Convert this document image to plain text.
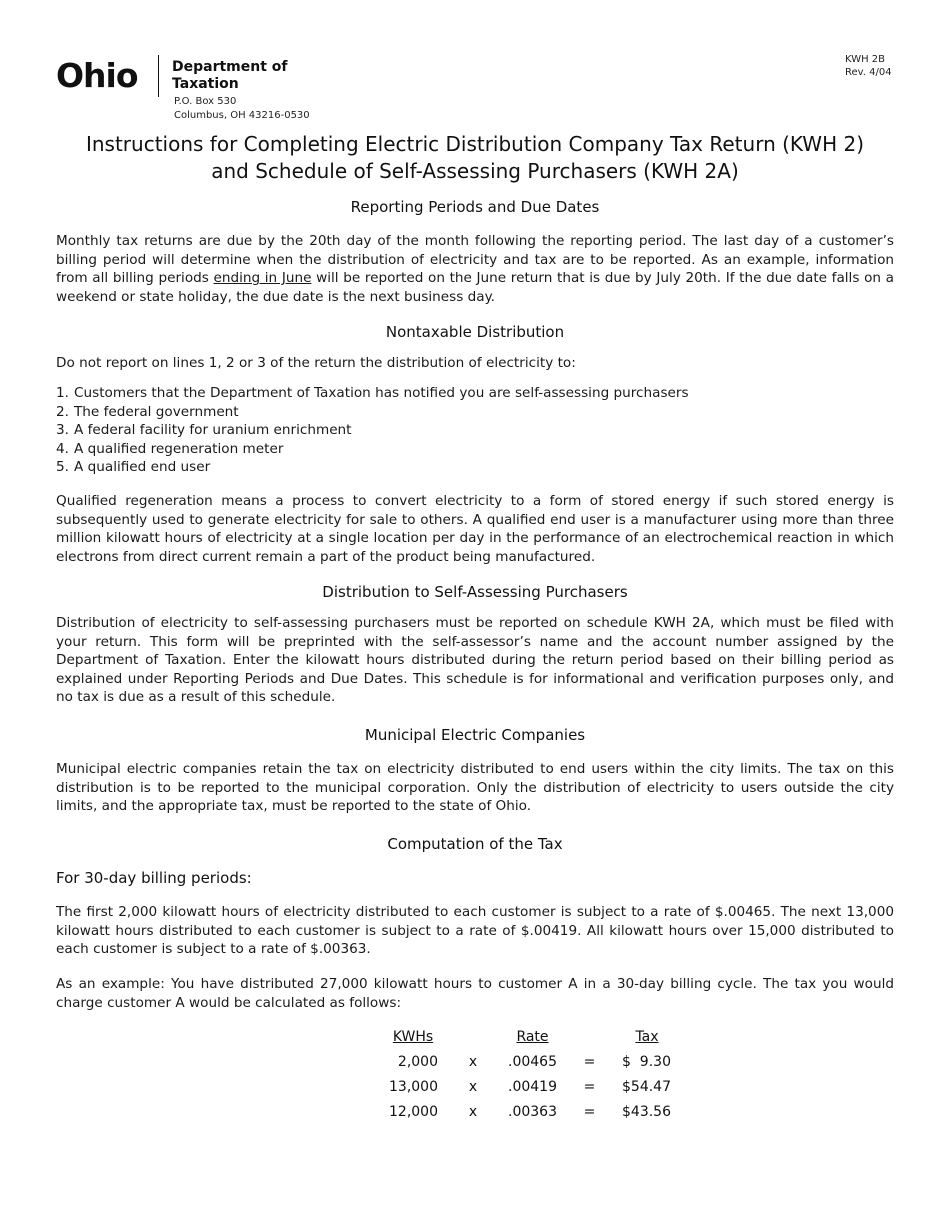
Ohio Department of
Taxation
P.O. Box 530
Columbus, OH 43216-0530
KWH 2B
Rev. 4/04
Instructions for Completing Electric Distribution Company Tax Return (KWH 2)
and Schedule of Self-Assessing Purchasers (KWH 2A)
Reporting Periods and Due Dates

Monthly tax returns are due by the 20th day of the month following the reporting period. The last day of a customer’s billing period will determine when the distribution of electricity and tax are to be reported. As an example, information from all billing periods ending in June will be reported on the June return that is due by July 20th. If the due date falls on a weekend or state holiday, the due date is the next business day.

Nontaxable Distribution

Do not report on lines 1, 2 or 3 of the return the distribution of electricity to:

1. Customers that the Department of Taxation has notified you are self-assessing purchasers
2. The federal government
3. A federal facility for uranium enrichment
4. A qualified regeneration meter
5. A qualified end user

Qualified regeneration means a process to convert electricity to a form of stored energy if such stored energy is subsequently used to generate electricity for sale to others. A qualified end user is a manufacturer using more than three million kilowatt hours of electricity at a single location per day in the performance of an electrochemical reaction in which electrons from direct current remain a part of the product being manufactured.

Distribution to Self-Assessing Purchasers

Distribution of electricity to self-assessing purchasers must be reported on schedule KWH 2A, which must be filed with your return. This form will be preprinted with the self-assessor’s name and the account number assigned by the Department of Taxation. Enter the kilowatt hours distributed during the return period based on their billing period as explained under Reporting Periods and Due Dates. This schedule is for informational and verification purposes only, and no tax is due as a result of this schedule.

Municipal Electric Companies

Municipal electric companies retain the tax on electricity distributed to end users within the city limits. The tax on this distribution is to be reported to the municipal corporation. Only the distribution of electricity to users outside the city limits, and the appropriate tax, must be reported to the state of Ohio.

Computation of the Tax
For 30-day billing periods:

The first 2,000 kilowatt hours of electricity distributed to each customer is subject to a rate of $.00465. The next 13,000 kilowatt hours distributed to each customer is subject to a rate of $.00419. All kilowatt hours over 15,000 distributed to each customer is subject to a rate of $.00363.

As an example: You have distributed 27,000 kilowatt hours to customer A in a 30-day billing cycle. The tax you would charge customer A would be calculated as follows:

KWHs		Rate		Tax
2,000	x	.00465	=	$  9.30
13,000	x	.00419	=	$54.47
12,000	x	.00363	=	$43.56
